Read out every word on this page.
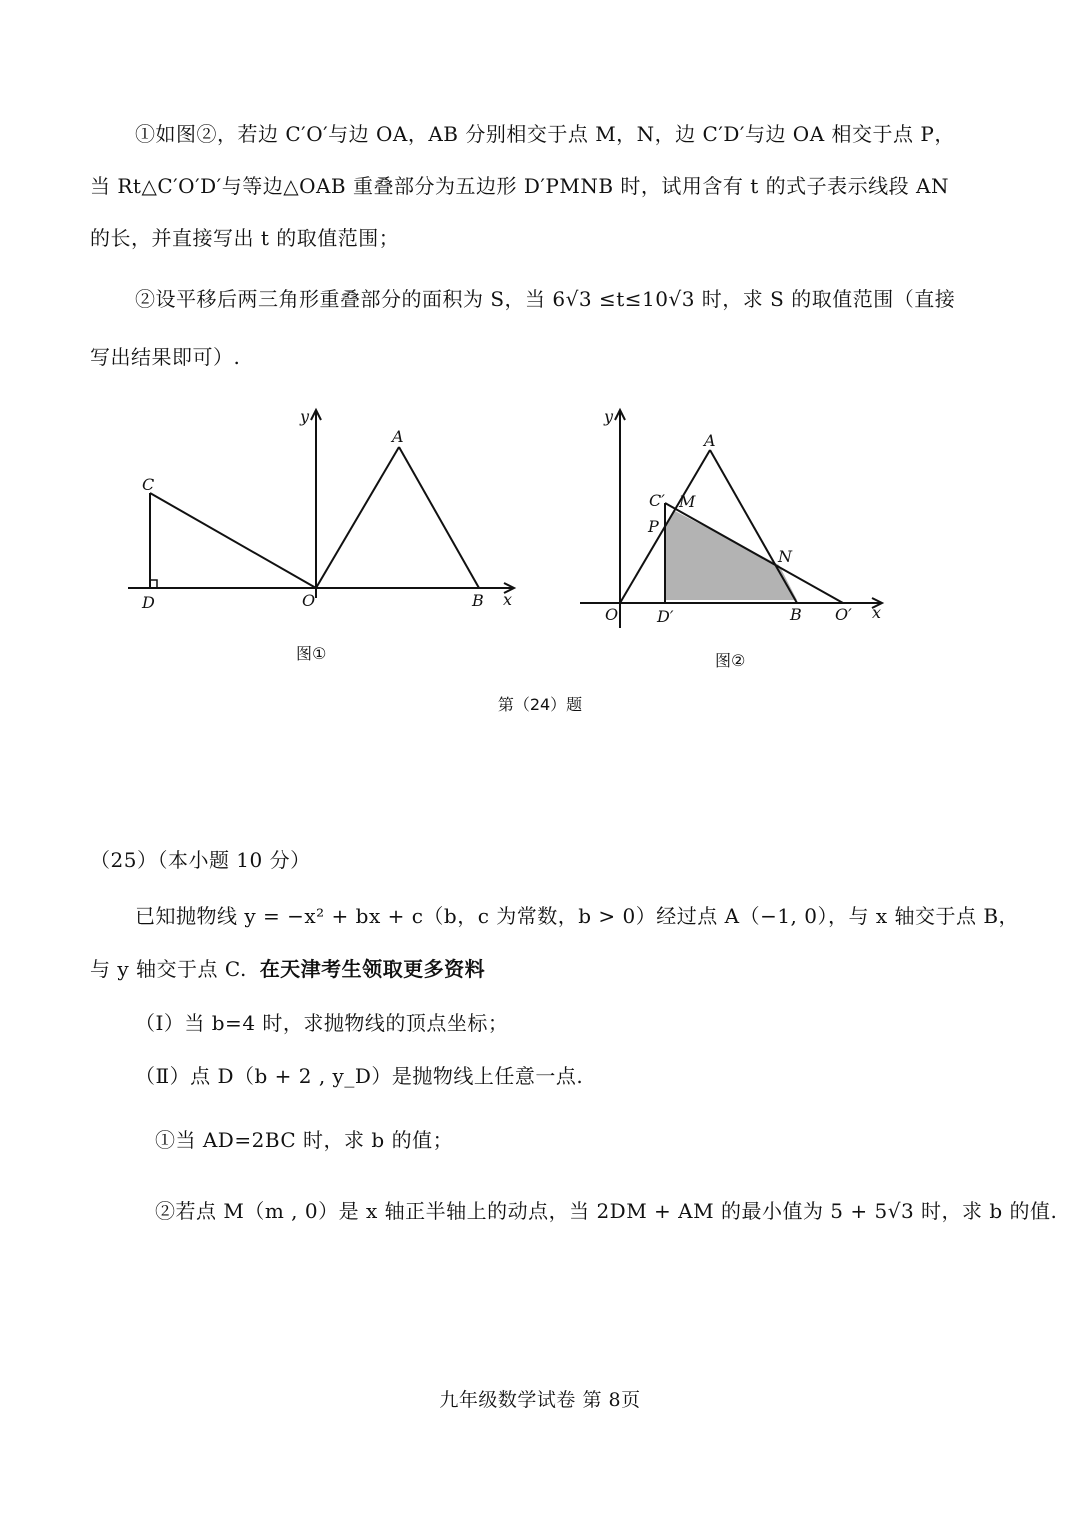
①如图②，若边 C′O′与边 OA，AB 分别相交于点 M，N，边 C′D′与边 OA 相交于点 P，
当 Rt△C′O′D′与等边△OAB 重叠部分为五边形 D′PMNB 时，试用含有 t 的式子表示线段 AN
的长，并直接写出 t 的取值范围；
②设平移后两三角形重叠部分的面积为 S，当 6√3 ≤t≤10√3 时，求 S 的取值范围（直接
写出结果即可）.
y
A
C
D	O	B x
图①
y
A
C′ M
P
N
O D′	B O′ x
图②
第（24）题
（25）（本小题 10 分）
已知抛物线 y = −x² + bx + c（b，c 为常数，b > 0）经过点 A（−1, 0），与 x 轴交于点 B，
与 y 轴交于点 C. 在天津考生领取更多资料
（Ⅰ）当 b=4 时，求抛物线的顶点坐标；
（Ⅱ）点 D（b + 2 , y_D）是抛物线上任意一点.
①当 AD=2BC 时，求 b 的值；
②若点 M（m , 0）是 x 轴正半轴上的动点，当 2DM + AM 的最小值为 5 + 5√3 时，求 b 的值.
九年级数学试卷 第 8页
